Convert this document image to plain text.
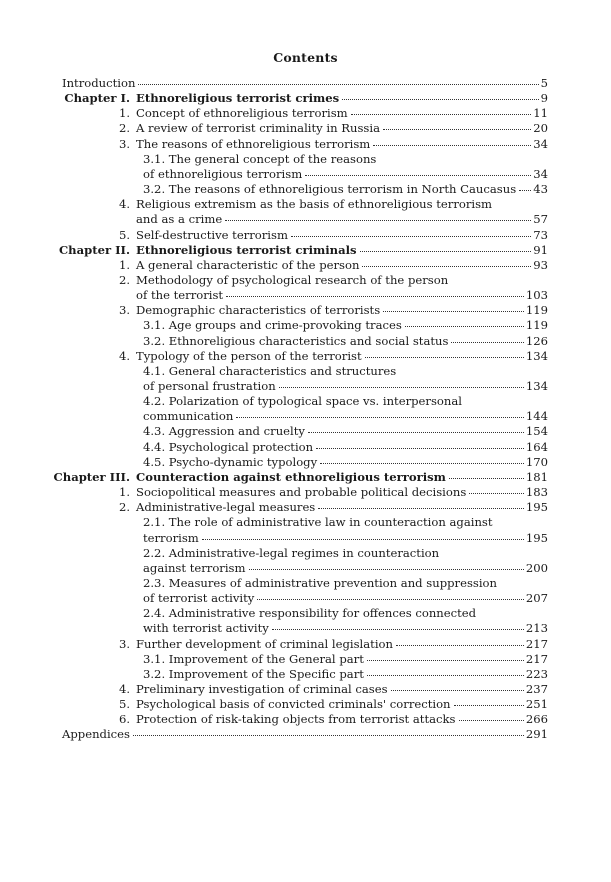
Contents
Introduction	5
Chapter I. Ethnoreligious terrorist crimes	9
1. Concept of ethnoreligious terrorism	11
2. A review of terrorist criminality in Russia	20
3. The reasons of ethnoreligious terrorism	34
3.1. The general concept of the reasons
of ethnoreligious terrorism	34
3.2. The reasons of ethnoreligious terrorism in North Caucasus 43
4. Religious extremism as the basis of ethnoreligious terrorism
and as a crime	57
5. Self-destructive terrorism	73
Chapter II. Ethnoreligious terrorist criminals	91
1. A general characteristic of the person	93
2. Methodology of psychological research of the person
of the terrorist	103
3. Demographic characteristics of terrorists	119
3.1. Age groups and crime-provoking traces	119
3.2. Ethnoreligious characteristics and social status	126
4. Typology of the person of the terrorist	134
4.1. General characteristics and structures
of personal frustration	134
4.2. Polarization of typological space vs. interpersonal
communication	144
4.3. Aggression and cruelty	154
4.4. Psychological protection	164
4.5. Psycho-dynamic typology	170
Chapter III. Counteraction against ethnoreligious terrorism	181
1. Sociopolitical measures and probable political decisions	183
2. Administrative-legal measures	195
2.1. The role of administrative law in counteraction against
terrorism	195
2.2. Administrative-legal regimes in counteraction
against terrorism	200
2.3. Measures of administrative prevention and suppression
of terrorist activity	207
2.4. Administrative responsibility for offences connected
with terrorist activity	213
3. Further development of criminal legislation	217
3.1. Improvement of the General part	217
3.2. Improvement of the Specific part	223
4. Preliminary investigation of criminal cases	237
5. Psychological basis of convicted criminals' correction	251
6. Protection of risk-taking objects from terrorist attacks	266
Appendices	291
